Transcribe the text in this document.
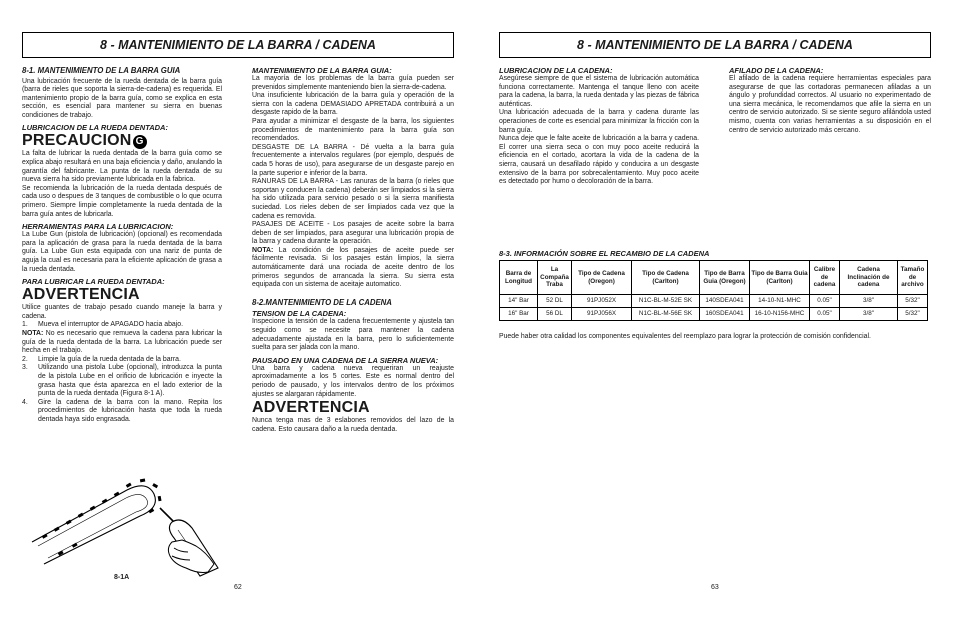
8 - MANTENIMIENTO DE LA BARRA / CADENA
8-1. MANTENIMIENTO DE LA BARRA GUIA

Una lubricación frecuente de la rueda dentada de la barra guía (barra de rieles que soporta la sierra-de-cadena) es requerida. El mantenimiento propio de la barra guía, como se explica en esta sección, es esencial para mantener su sierra en buenas condiciones de trabajo.

LUBRICACION DE LA RUEDA DENTADA:
PRECAUCION G

La falta de lubricar la rueda dentada de la barra guía como se explica abajo resultará en una baja eficiencia y daño, anulando la garantía del fabricante. La punta de la rueda dentada de su nueva sierra ha sido previamente lubricada en la fabrica.

Se recomienda la lubricación de la rueda dentada después de cada uso o despues de 3 tanques de combustible o lo que ocurra primero. Siempre limpie completamente la rueda dentada de la barra guía antes de lubricarla.

HERRAMIENTAS PARA LA LUBRICACION:

La Lube Gun (pistola de lubricación) (opcional) es recomendada para la aplicación de grasa para la rueda dentada de la barra guía. La Lube Gun esta equipada con una nariz de punta de aguja la cual es necesaria para la eficiente aplicación de grasa a la rueda dentada.

PARA LUBRICAR LA RUEDA DENTADA:
ADVERTENCIA

Utilice guantes de trabajo pesado cuando maneje la barra y cadena.

1.	Mueva el interruptor de APAGADO hacia abajo.

NOTA: No es necesario que remueva la cadena para lubricar la guía de la rueda dentada de la barra. La lubricación puede ser hecha en el trabajo.

2.	Limpie la guía de la rueda dentada de la barra.
3.	Utilizando una pistola Lube (opcional), introduzca la punta de la pistola Lube en el orificio de lubricación e inyecte la grasa hasta que ésta aparezca en el lado exterior de la punta de la rueda dentada (Figura 8-1 A).
4.	Gire la cadena de la barra con la mano. Repita los procedimientos de lubricación hasta que toda la rueda dentada haya sido engrasada.
8-1A
MANTENIMIENTO DE LA BARRA GUIA:

La mayoría de los problemas de la barra guía pueden ser prevenidos simplemente manteniendo bien la sierra-de-cadena.

Una insuficiente lubricación de la barra guía y operación de la sierra con la cadena DEMASIADO APRETADA contribuirá a un desgaste rapido de la barra.

Para ayudar a minimizar el desgaste de la barra, los siguientes procedimientos de mantenimiento para la barra guía son recomendados.

DESGASTE DE LA BARRA - Dé vuelta a la barra guía frecuentemente a intervalos regulares (por ejemplo, después de cada 5 horas de uso), para asegurarse de un desgaste parejo en la parte superior e inferior de la barra.

RANURAS DE LA BARRA - Las ranuras de la barra (o rieles que soportan y conducen la cadena) deberán ser limpiados si la sierra ha sido utilizada para servicio pesado o si la sierra manifiesta suciedad. Los rieles deben de ser limpiados cada vez que la cadena es removida.

PASAJES DE ACEITE - Los pasajes de aceite sobre la barra deben de ser limpiados, para asegurar una lubricación propia de la barra y cadena durante la operación.

NOTA: La condición de los pasajes de aceite puede ser fácilmente revisada. Si los pasajes están limpios, la sierra automáticamente dará una rociada de aceite dentro de los primeros segundos de arrancada la sierra. Su sierra esta equipada con un sistema de aceitaje automatico.

8-2.MANTENIMIENTO DE LA CADENA
TENSION DE LA CADENA:

Inspecione la tensión de la cadena frecuentemente y ajustela tan seguido como se necesite para mantener la cadena adecuadamente ajustada en la barra, pero lo suficientemente suelta para ser jalada con la mano.

PAUSADO EN UNA CADENA DE LA SIERRA NUEVA:

Una barra y cadena nueva requeriran un reajuste aproximadamente a los 5 cortes. Este es normal dentro del periodo de pausado, y los intervalos dentro de los próximos ajustes se alargaran rápidamente.

ADVERTENCIA

Nunca tenga mas de 3 eslabones removidos del lazo de la cadena. Esto causara daño a la rueda dentada.

62
8 - MANTENIMIENTO DE LA BARRA / CADENA
LUBRICACION DE LA CADENA:

Asegúrese siempre de que el sistema de lubricación automática funciona correctamente. Mantenga el tanque lleno con aceite para la cadena, la barra, la rueda dentada y las piezas de fábrica auténticas.

Una lubricación adecuada de la barra y cadena durante las operaciones de corte es esencial para minimizar la fricción con la barra guía.

Nunca deje que le falte aceite de lubricación a la barra y cadena. El correr una sierra seca o con muy poco aceite reducirá la eficiencia en el cortado, acortara la vida de la cadena de la sierra, causará un desafilado rápido y conducira a un desgaste extensivo de la barra por sobrecalentamiento. Muy poco aceite es detectado por humo o decoloración de la barra.

AFILADO DE LA CADENA:

El afilado de la cadena requiere herramientas especiales para asegurarse de que las cortadoras permanecen afiladas a un ángulo y profundidad correctos. Al usuario no experimentado de una sierra mecánica, le recomendamos que afile la sierra en un centro de servicio autorizado. Si se siente seguro afilándola usted mismo, cuenta con varias herramientas a su disposición en el centro de servicio autorizado más cercano.

8-3. INFORMACIÓN SOBRE EL RECAMBIO DE LA CADENA
Barra de Longitud	La Compaña Traba	Tipo de Cadena (Oregon)	Tipo de Cadena (Carlton)	Tipo de Barra Guia (Oregon)	Tipo de Barra Guia (Carlton)	Calibre de cadena	Cadena Inclinación de cadena	Tamaño de archivo
14" Bar	52 DL	91PJ052X	N1C-BL-M-52E SK	140SDEA041	14-10-N1-MHC	0.05"	3/8"	5/32"
16" Bar	56 DL	91PJ056X	N1C-BL-M-56E SK	160SDEA041	16-10-N156-MHC	0.05"	3/8"	5/32"
Puede haber otra calidad los componentes equivalentes del reemplazo para lograr la protección de comisión confidencial.
63
